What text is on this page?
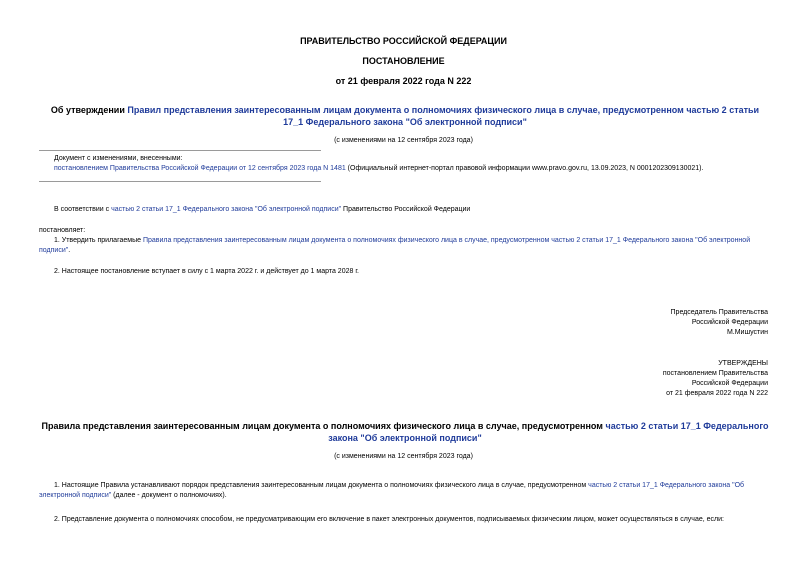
ПРАВИТЕЛЬСТВО РОССИЙСКОЙ ФЕДЕРАЦИИ
ПОСТАНОВЛЕНИЕ
от 21 февраля 2022 года N 222
Об утверждении Правил представления заинтересованным лицам документа о полномочиях физического лица в случае, предусмотренном частью 2 статьи 17_1 Федерального закона "Об электронной подписи"
(с изменениями на 12 сентября 2023 года)
Документ с изменениями, внесенными:
постановлением Правительства Российской Федерации от 12 сентября 2023 года N 1481 (Официальный интернет-портал правовой информации www.pravo.gov.ru, 13.09.2023, N 0001202309130021).
В соответствии с частью 2 статьи 17_1 Федерального закона "Об электронной подписи" Правительство Российской Федерации
постановляет:
1. Утвердить прилагаемые Правила представления заинтересованным лицам документа о полномочиях физического лица в случае, предусмотренном частью 2 статьи 17_1 Федерального закона "Об электронной подписи".
2. Настоящее постановление вступает в силу с 1 марта 2022 г. и действует до 1 марта 2028 г.
Председатель Правительства
Российской Федерации
М.Мишустин
УТВЕРЖДЕНЫ
постановлением Правительства
Российской Федерации
от 21 февраля 2022 года N 222
Правила представления заинтересованным лицам документа о полномочиях физического лица в случае, предусмотренном частью 2 статьи 17_1 Федерального закона "Об электронной подписи"
(с изменениями на 12 сентября 2023 года)
1. Настоящие Правила устанавливают порядок представления заинтересованным лицам документа о полномочиях физического лица в случае, предусмотренном частью 2 статьи 17_1 Федерального закона "Об электронной подписи" (далее - документ о полномочиях).
2. Представление документа о полномочиях способом, не предусматривающим его включение в пакет электронных документов, подписываемых физическим лицом, может осуществляться в случае, если:
